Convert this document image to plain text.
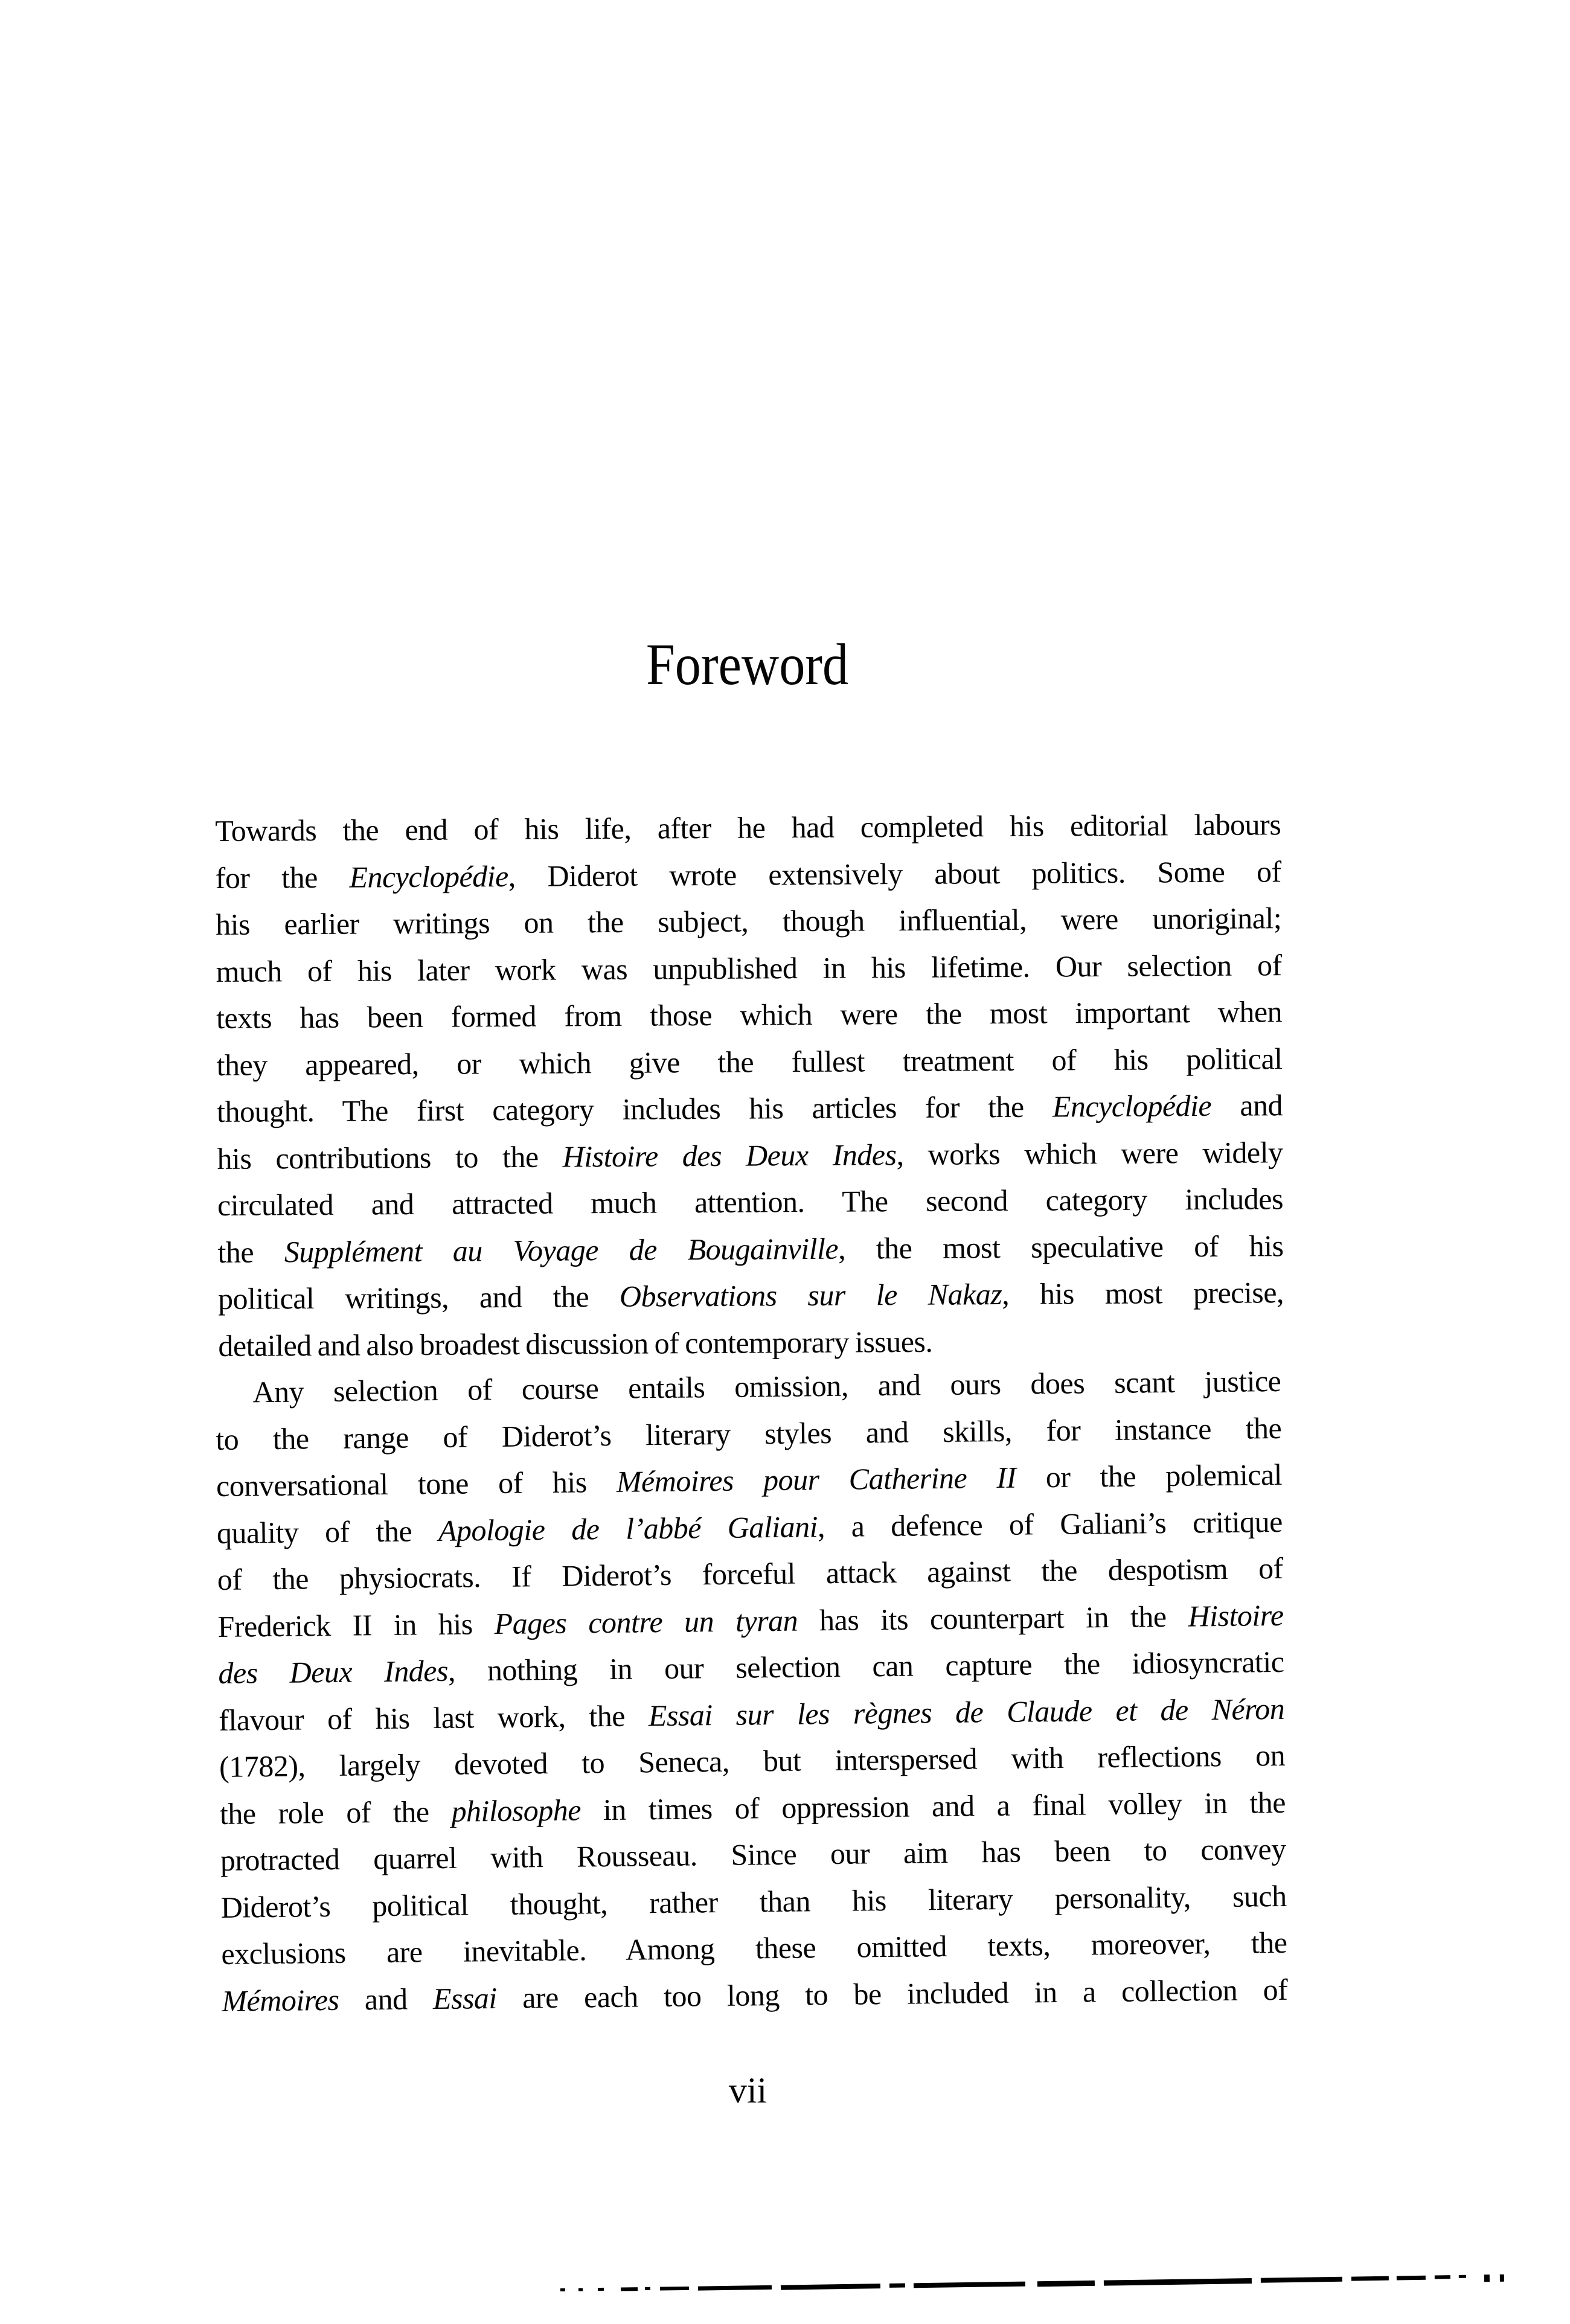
Foreword
Towards the end of his life, after he had completed his editorial labours
for the Encyclopédie, Diderot wrote extensively about politics. Some of
his earlier writings on the subject, though influential, were unoriginal;
much of his later work was unpublished in his lifetime. Our selection of
texts has been formed from those which were the most important when
they appeared, or which give the fullest treatment of his political
thought. The first category includes his articles for the Encyclopédie and
his contributions to the Histoire des Deux Indes, works which were widely
circulated and attracted much attention. The second category includes
the Supplément au Voyage de Bougainville, the most speculative of his
political writings, and the Observations sur le Nakaz, his most precise,
detailed and also broadest discussion of contemporary issues.
Any selection of course entails omission, and ours does scant justice
to the range of Diderot’s literary styles and skills, for instance the
conversational tone of his Mémoires pour Catherine II or the polemical
quality of the Apologie de l’abbé Galiani, a defence of Galiani’s critique
of the physiocrats. If Diderot’s forceful attack against the despotism of
Frederick II in his Pages contre un tyran has its counterpart in the Histoire
des Deux Indes, nothing in our selection can capture the idiosyncratic
flavour of his last work, the Essai sur les règnes de Claude et de Néron
(1782), largely devoted to Seneca, but interspersed with reflections on
the role of the philosophe in times of oppression and a final volley in the
protracted quarrel with Rousseau. Since our aim has been to convey
Diderot’s political thought, rather than his literary personality, such
exclusions are inevitable. Among these omitted texts, moreover, the
Mémoires and Essai are each too long to be included in a collection of
vii
